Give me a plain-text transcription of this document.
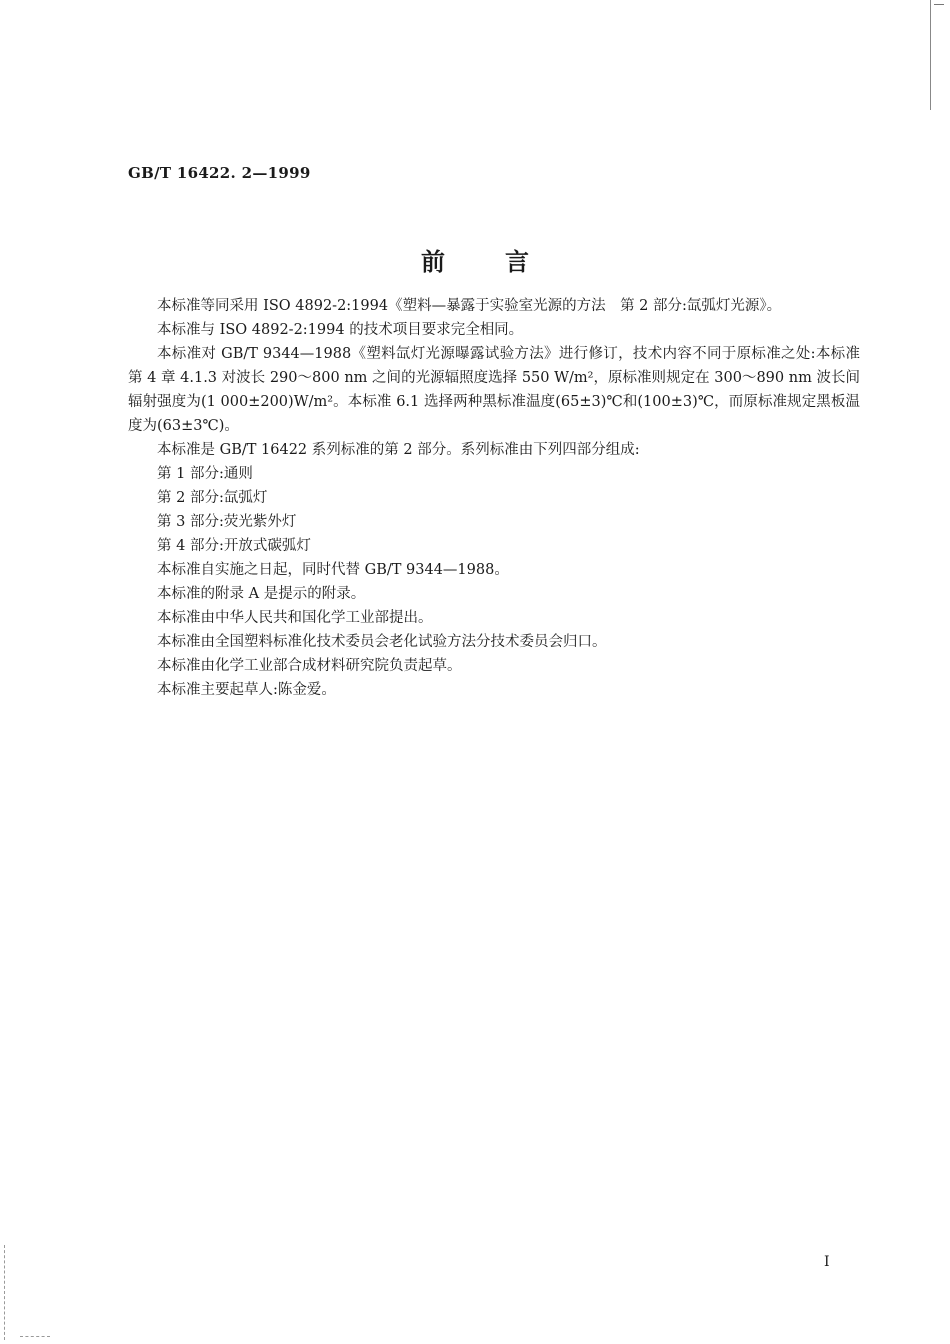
GB/T 16422. 2—1999
前言

本标准等同采用 ISO 4892-2:1994《塑料—暴露于实验室光源的方法　第 2 部分:氙弧灯光源》。

本标准与 ISO 4892-2:1994 的技术项目要求完全相同。

本标准对 GB/T 9344—1988《塑料氙灯光源曝露试验方法》进行修订，技术内容不同于原标准之处:本标准第 4 章 4.1.3 对波长 290～800 nm 之间的光源辐照度选择 550 W/m²，原标准则规定在 300～890 nm 波长间辐射强度为(1 000±200)W/m²。本标准 6.1 选择两种黑标准温度(65±3)℃和(100±3)℃，而原标准规定黑板温度为(63±3℃)。

本标准是 GB/T 16422 系列标准的第 2 部分。系列标准由下列四部分组成:

第 1 部分:通则

第 2 部分:氙弧灯

第 3 部分:荧光紫外灯

第 4 部分:开放式碳弧灯

本标准自实施之日起，同时代替 GB/T 9344—1988。

本标准的附录 A 是提示的附录。

本标准由中华人民共和国化学工业部提出。

本标准由全国塑料标准化技术委员会老化试验方法分技术委员会归口。

本标准由化学工业部合成材料研究院负责起草。

本标准主要起草人:陈金爱。

I
